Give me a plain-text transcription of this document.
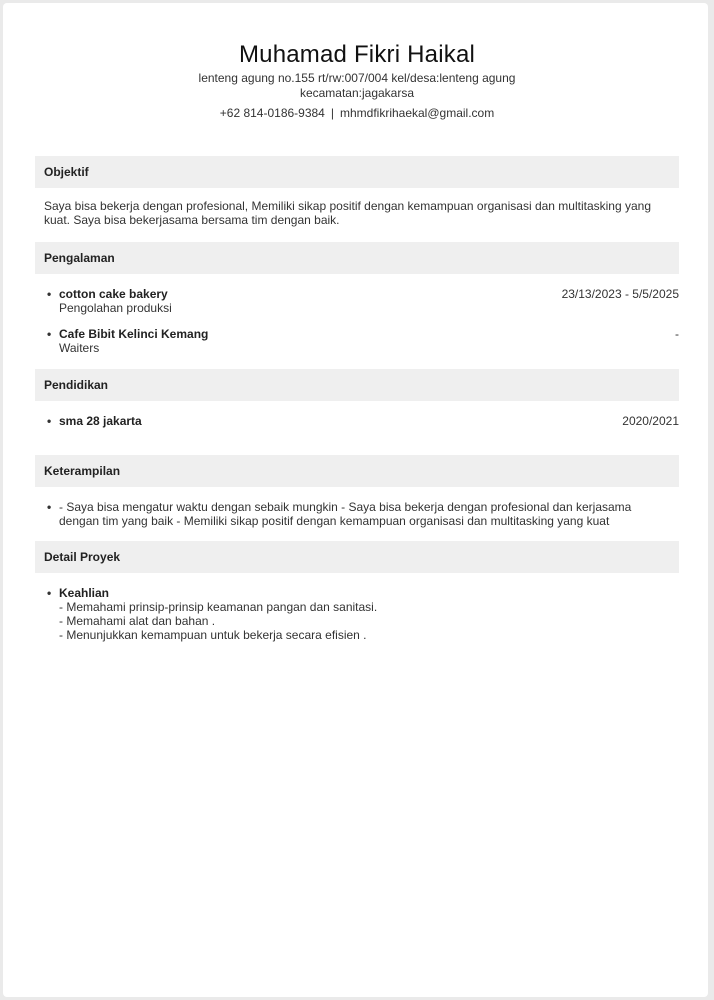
Muhamad Fikri Haikal
lenteng agung no.155 rt/rw:007/004 kel/desa:lenteng agung
kecamatan:jagakarsa
+62 814-0186-9384 | mhmdfikrihaekal@gmail.com
Objektif
Saya bisa bekerja dengan profesional, Memiliki sikap positif dengan kemampuan organisasi dan multitasking yang kuat. Saya bisa bekerjasama bersama tim dengan baik.
Pengalaman
• cotton cake bakery
Pengolahan produksi
23/13/2023 - 5/5/2025
• Cafe Bibit Kelinci Kemang
Waiters
-
Pendidikan
• sma 28 jakarta	2020/2021
Keterampilan
• - Saya bisa mengatur waktu dengan sebaik mungkin - Saya bisa bekerja dengan profesional dan kerjasama
dengan tim yang baik - Memiliki sikap positif dengan kemampuan organisasi dan multitasking yang kuat
Detail Proyek
• Keahlian
- Memahami prinsip-prinsip keamanan pangan dan sanitasi.
- Memahami alat dan bahan .
- Menunjukkan kemampuan untuk bekerja secara efisien .
